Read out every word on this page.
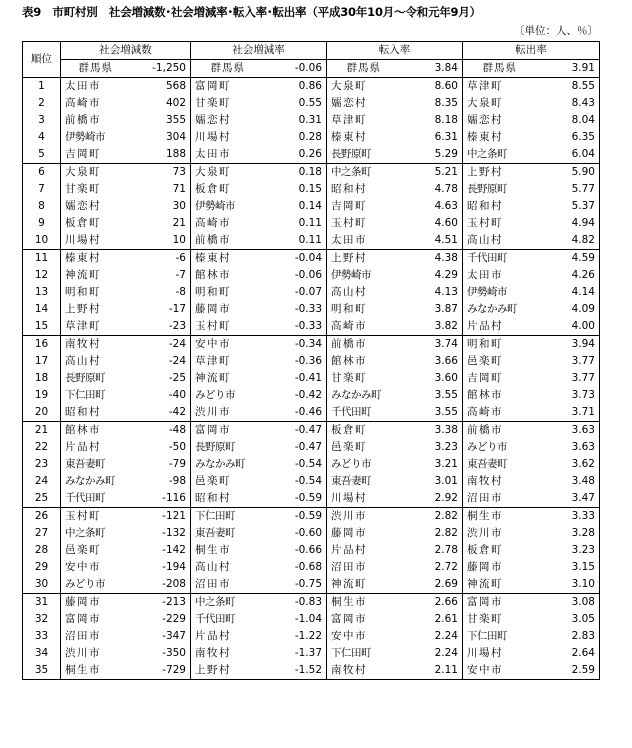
表9　市町村別　社会増減数･社会増減率･転入率･転出率（平成30年10月～令和元年9月）
〔単位：人、％〕
順位	社会増減数		社会増減率		転入率		転出率	
	群馬県	-1,250	群馬県	-0.06	群馬県	3.84	群馬県	3.91
1	太田市	568	富岡町	0.86	大泉町	8.60	草津町	8.55
2	高崎市	402	甘楽町	0.55	嬬恋村	8.35	大泉町	8.43
3	前橋市	355	嬬恋村	0.31	草津町	8.18	嬬恋村	8.04
4	伊勢崎市	304	川場村	0.28	榛東村	6.31	榛東村	6.35
5	吉岡町	188	太田市	0.26	長野原町	5.29	中之条町	6.04
6	大泉町	73	大泉町	0.18	中之条町	5.21	上野村	5.90
7	甘楽町	71	板倉町	0.15	昭和村	4.78	長野原町	5.77
8	嬬恋村	30	伊勢崎市	0.14	吉岡町	4.63	昭和村	5.37
9	板倉町	21	高崎市	0.11	玉村町	4.60	玉村町	4.94
10	川場村	10	前橋市	0.11	太田市	4.51	高山村	4.82
11	榛東村	-6	榛東村	-0.04	上野村	4.38	千代田町	4.59
12	神流町	-7	館林市	-0.06	伊勢崎市	4.29	太田市	4.26
13	明和町	-8	明和町	-0.07	高山村	4.13	伊勢崎市	4.14
14	上野村	-17	藤岡市	-0.33	明和町	3.87	みなかみ町	4.09
15	草津町	-23	玉村町	-0.33	高崎市	3.82	片品村	4.00
16	南牧村	-24	安中市	-0.34	前橋市	3.74	明和町	3.94
17	高山村	-24	草津町	-0.36	館林市	3.66	邑楽町	3.77
18	長野原町	-25	神流町	-0.41	甘楽町	3.60	吉岡町	3.77
19	下仁田町	-40	みどり市	-0.42	みなかみ町	3.55	館林市	3.73
20	昭和村	-42	渋川市	-0.46	千代田町	3.55	高崎市	3.71
21	館林市	-48	富岡市	-0.47	板倉町	3.38	前橋市	3.63
22	片品村	-50	長野原町	-0.47	邑楽町	3.23	みどり市	3.63
23	東吾妻町	-79	みなかみ町	-0.54	みどり市	3.21	東吾妻町	3.62
24	みなかみ町	-98	邑楽町	-0.54	東吾妻町	3.01	南牧村	3.48
25	千代田町	-116	昭和村	-0.59	川場村	2.92	沼田市	3.47
26	玉村町	-121	下仁田町	-0.59	渋川市	2.82	桐生市	3.33
27	中之条町	-132	東吾妻町	-0.60	藤岡市	2.82	渋川市	3.28
28	邑楽町	-142	桐生市	-0.66	片品村	2.78	板倉町	3.23
29	安中市	-194	高山村	-0.68	沼田市	2.72	藤岡市	3.15
30	みどり市	-208	沼田市	-0.75	神流町	2.69	神流町	3.10
31	藤岡市	-213	中之条町	-0.83	桐生市	2.66	富岡市	3.08
32	富岡市	-229	千代田町	-1.04	富岡市	2.61	甘楽町	3.05
33	沼田市	-347	片品村	-1.22	安中市	2.24	下仁田町	2.83
34	渋川市	-350	南牧村	-1.37	下仁田町	2.24	川場村	2.64
35	桐生市	-729	上野村	-1.52	南牧村	2.11	安中市	2.59
